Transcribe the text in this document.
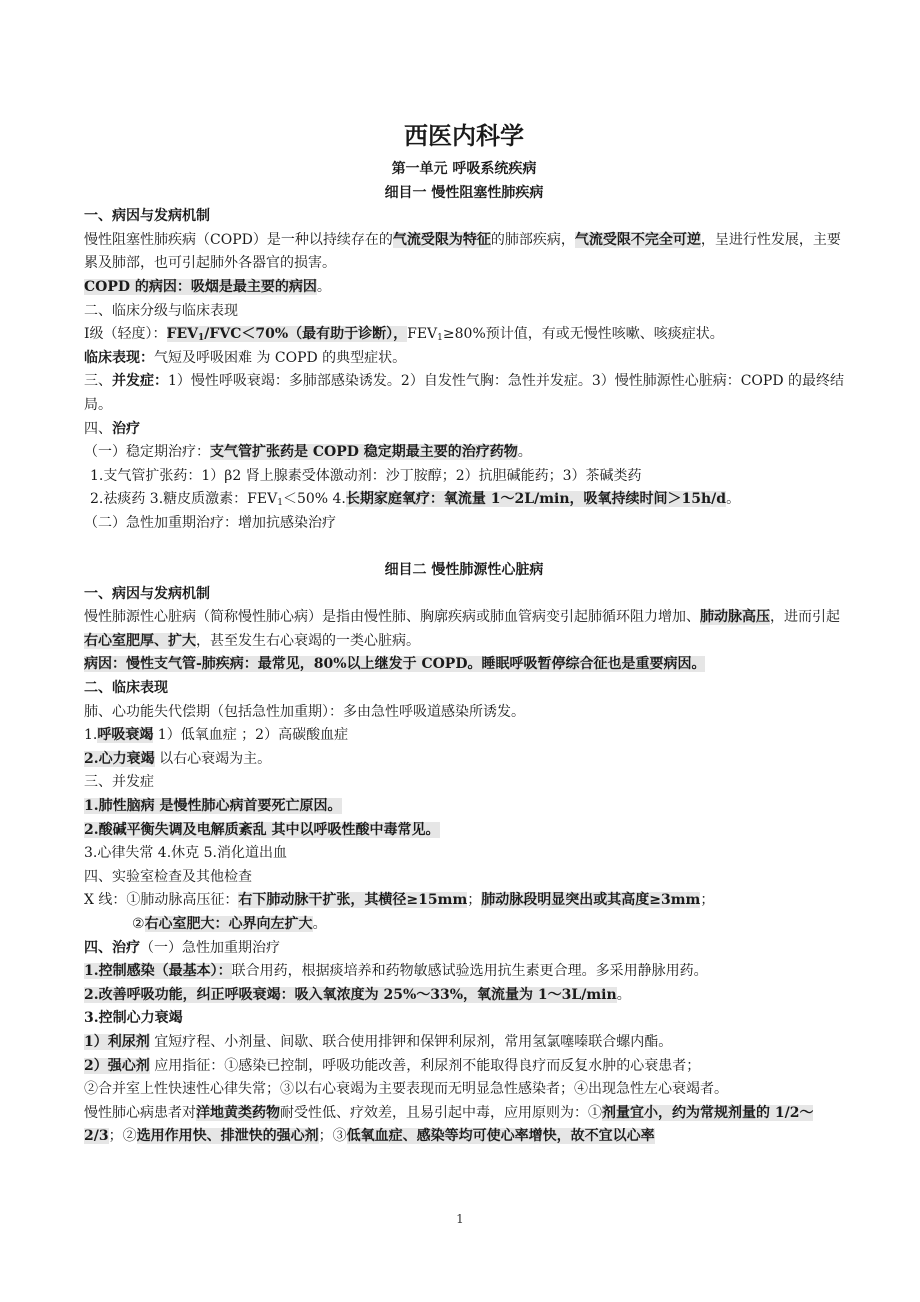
西医内科学
第一单元 呼吸系统疾病
细目一 慢性阻塞性肺疾病
一、病因与发病机制
慢性阻塞性肺疾病（COPD）是一种以持续存在的气流受限为特征的肺部疾病，气流受限不完全可逆，呈进行性发展，主要累及肺部，也可引起肺外各器官的损害。
COPD 的病因：吸烟是最主要的病因。
二、临床分级与临床表现
I级（轻度）：$FEV_1/FVC<70\%$（最有助于诊断），$FEV_1\ge 80\%$预计值，有或无慢性咳嗽、咳痰症状。
临床表现：气短及呼吸困难 为 COPD 的典型症状。
三、并发症：1）慢性呼吸衰竭：多肺部感染诱发。2）自发性气胸：急性并发症。3）慢性肺源性心脏病：COPD 的最终结局。
四、治疗
（一）稳定期治疗：支气管扩张药是 COPD 稳定期最主要的治疗药物。
1.支气管扩张药：1）β2 肾上腺素受体激动剂：沙丁胺醇；2）抗胆碱能药；3）茶碱类药
2.祛痰药 3.糖皮质激素：$FEV_1<50\%$ 4.长期家庭氧疗：氧流量 1～2L/min，吸氧持续时间＞15h/d。
（二）急性加重期治疗：增加抗感染治疗
细目二 慢性肺源性心脏病
一、病因与发病机制
慢性肺源性心脏病（简称慢性肺心病）是指由慢性肺、胸廓疾病或肺血管病变引起肺循环阻力增加、肺动脉高压，进而引起右心室肥厚、扩大，甚至发生右心衰竭的一类心脏病。
病因：慢性支气管-肺疾病：最常见，80%以上继发于 COPD。睡眠呼吸暂停综合征也是重要病因。
二、临床表现
肺、心功能失代偿期（包括急性加重期）：多由急性呼吸道感染所诱发。
1.呼吸衰竭 1）低氧血症 ；2）高碳酸血症
2.心力衰竭 以右心衰竭为主。
三、并发症
1.肺性脑病 是慢性肺心病首要死亡原因。
2.酸碱平衡失调及电解质紊乱 其中以呼吸性酸中毒常见。
3.心律失常 4.休克 5.消化道出血
四、实验室检查及其他检查
X 线：①肺动脉高压征：右下肺动脉干扩张，其横径≥15mm；肺动脉段明显突出或其高度≥3mm；
②右心室肥大：心界向左扩大。
四、治疗（一）急性加重期治疗
1.控制感染（最基本）：联合用药，根据痰培养和药物敏感试验选用抗生素更合理。多采用静脉用药。
2.改善呼吸功能，纠正呼吸衰竭：吸入氧浓度为 25%～33%，氧流量为 1～3L/min。
3.控制心力衰竭
1）利尿剂 宜短疗程、小剂量、间歇、联合使用排钾和保钾利尿剂，常用氢氯噻嗪联合螺内酯。
2）强心剂 应用指征：①感染已控制，呼吸功能改善，利尿剂不能取得良疗而反复水肿的心衰患者；
②合并室上性快速性心律失常；③以右心衰竭为主要表现而无明显急性感染者；④出现急性左心衰竭者。
慢性肺心病患者对洋地黄类药物耐受性低、疗效差，且易引起中毒，应用原则为：①剂量宜小，约为常规剂量的 1/2～2/3；②选用作用快、排泄快的强心剂；③低氧血症、感染等均可使心率增快，故不宜以心率
1
